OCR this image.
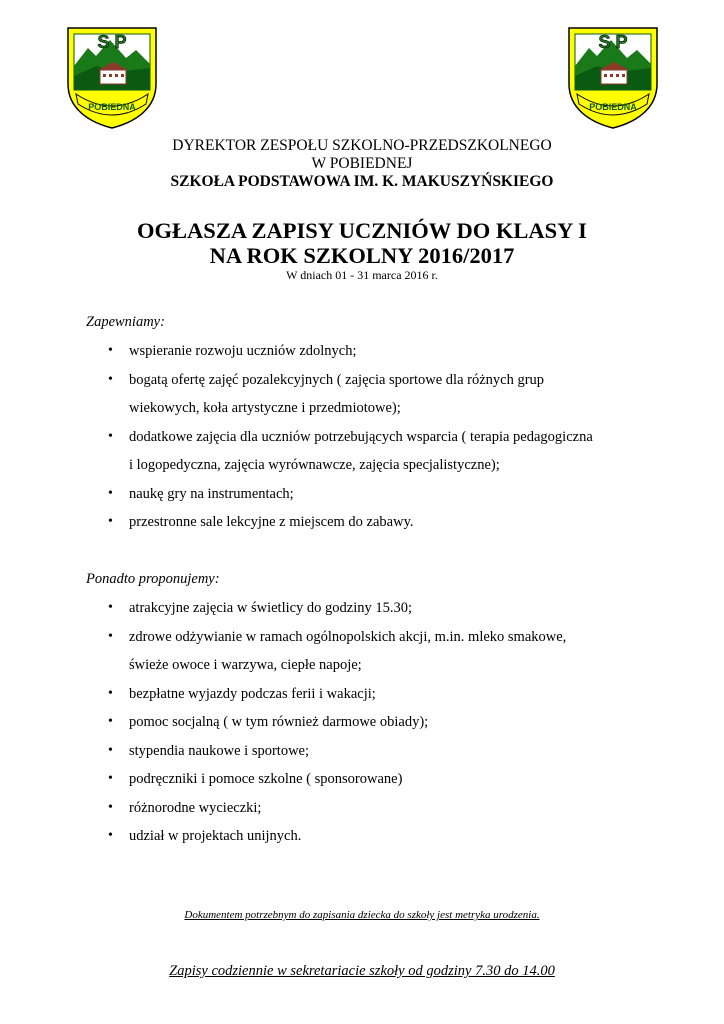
S P
POBIEDNA
S P
POBIEDNA
DYREKTOR ZESPOŁU SZKOLNO-PRZEDSZKOLNEGO
W POBIEDNEJ
SZKOŁA PODSTAWOWA IM. K. MAKUSZYŃSKIEGO
OGŁASZA ZAPISY UCZNIÓW DO KLASY I
NA ROK SZKOLNY 2016/2017
W dniach 01 - 31 marca 2016 r.
Zapewniamy:
• wspieranie rozwoju uczniów zdolnych;
• bogatą ofertę zajęć pozalekcyjnych ( zajęcia sportowe dla różnych grup
wiekowych, koła artystyczne i przedmiotowe);
• dodatkowe zajęcia dla uczniów potrzebujących wsparcia ( terapia pedagogiczna
i logopedyczna, zajęcia wyrównawcze, zajęcia specjalistyczne);
• naukę gry na instrumentach;
• przestronne sale lekcyjne z miejscem do zabawy.
Ponadto proponujemy:
• atrakcyjne zajęcia w świetlicy do godziny 15.30;
• zdrowe odżywianie w ramach ogólnopolskich akcji, m.in. mleko smakowe,
świeże owoce i warzywa, ciepłe napoje;
• bezpłatne wyjazdy podczas ferii i wakacji;
• pomoc socjalną ( w tym również darmowe obiady);
• stypendia naukowe i sportowe;
• podręczniki i pomoce szkolne ( sponsorowane)
• różnorodne wycieczki;
• udział w projektach unijnych.
Dokumentem potrzebnym do zapisania dziecka do szkoły jest metryka urodzenia.
Zapisy codziennie w sekretariacie szkoły od godziny 7.30 do 14.00
